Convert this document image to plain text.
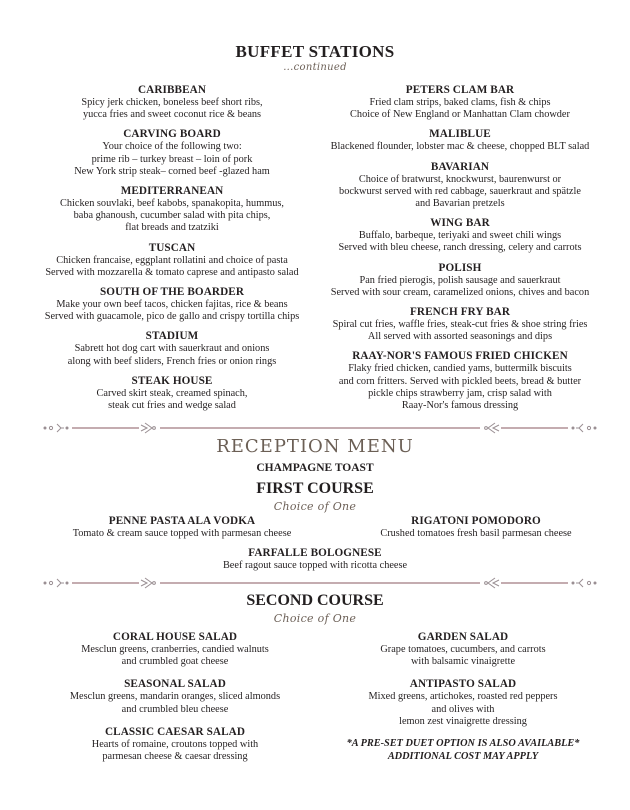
BUFFET STATIONS
...continued
CARIBBEAN

Spicy jerk chicken, boneless beef short ribs,
yucca fries and sweet coconut rice & beans

CARVING BOARD

Your choice of the following two:
prime rib – turkey breast – loin of pork
New York strip steak– corned beef -glazed ham

MEDITERRANEAN

Chicken souvlaki, beef kabobs, spanakopita, hummus,
baba ghanoush, cucumber salad with pita chips,
flat breads and tzatziki

TUSCAN

Chicken francaise, eggplant rollatini and choice of pasta
Served with mozzarella & tomato caprese and antipasto salad

SOUTH OF THE BOARDER

Make your own beef tacos, chicken fajitas, rice & beans
Served with guacamole, pico de gallo and crispy tortilla chips

STADIUM

Sabrett hot dog cart with sauerkraut and onions
along with beef sliders, French fries or onion rings

STEAK HOUSE

Carved skirt steak, creamed spinach,
steak cut fries and wedge salad

PETERS CLAM BAR

Fried clam strips, baked clams, fish & chips
Choice of New England or Manhattan Clam chowder

MALIBLUE

Blackened flounder, lobster mac & cheese, chopped BLT salad

BAVARIAN

Choice of bratwurst, knockwurst, baurenwurst or
bockwurst served with red cabbage, sauerkraut and spätzle
and Bavarian pretzels

WING BAR

Buffalo, barbeque, teriyaki and sweet chili wings
Served with bleu cheese, ranch dressing, celery and carrots

POLISH

Pan fried pierogis, polish sausage and sauerkraut
Served with sour cream, caramelized onions, chives and bacon

FRENCH FRY BAR

Spiral cut fries, waffle fries, steak-cut fries & shoe string fries
All served with assorted seasonings and dips

RAAY-NOR'S FAMOUS FRIED CHICKEN

Flaky fried chicken, candied yams, buttermilk biscuits
and corn fritters. Served with pickled beets, bread & butter
pickle chips strawberry jam, crisp salad with
Raay-Nor's famous dressing

RECEPTION MENU
CHAMPAGNE TOAST
FIRST COURSE
Choice of One
PENNE PASTA ALA VODKA

Tomato & cream sauce topped with parmesan cheese

RIGATONI POMODORO

Crushed tomatoes fresh basil parmesan cheese

FARFALLE BOLOGNESE

Beef ragout sauce topped with ricotta cheese

SECOND COURSE
Choice of One
CORAL HOUSE SALAD

Mesclun greens, cranberries, candied walnuts
and crumbled goat cheese

SEASONAL SALAD

Mesclun greens, mandarin oranges, sliced almonds
and crumbled bleu cheese

CLASSIC CAESAR SALAD

Hearts of romaine, croutons topped with
parmesan cheese & caesar dressing

GARDEN SALAD

Grape tomatoes, cucumbers, and carrots
with balsamic vinaigrette

ANTIPASTO SALAD

Mixed greens, artichokes, roasted red peppers
and olives with
lemon zest vinaigrette dressing

*A PRE-SET DUET OPTION IS ALSO AVAILABLE*
ADDITIONAL COST MAY APPLY
